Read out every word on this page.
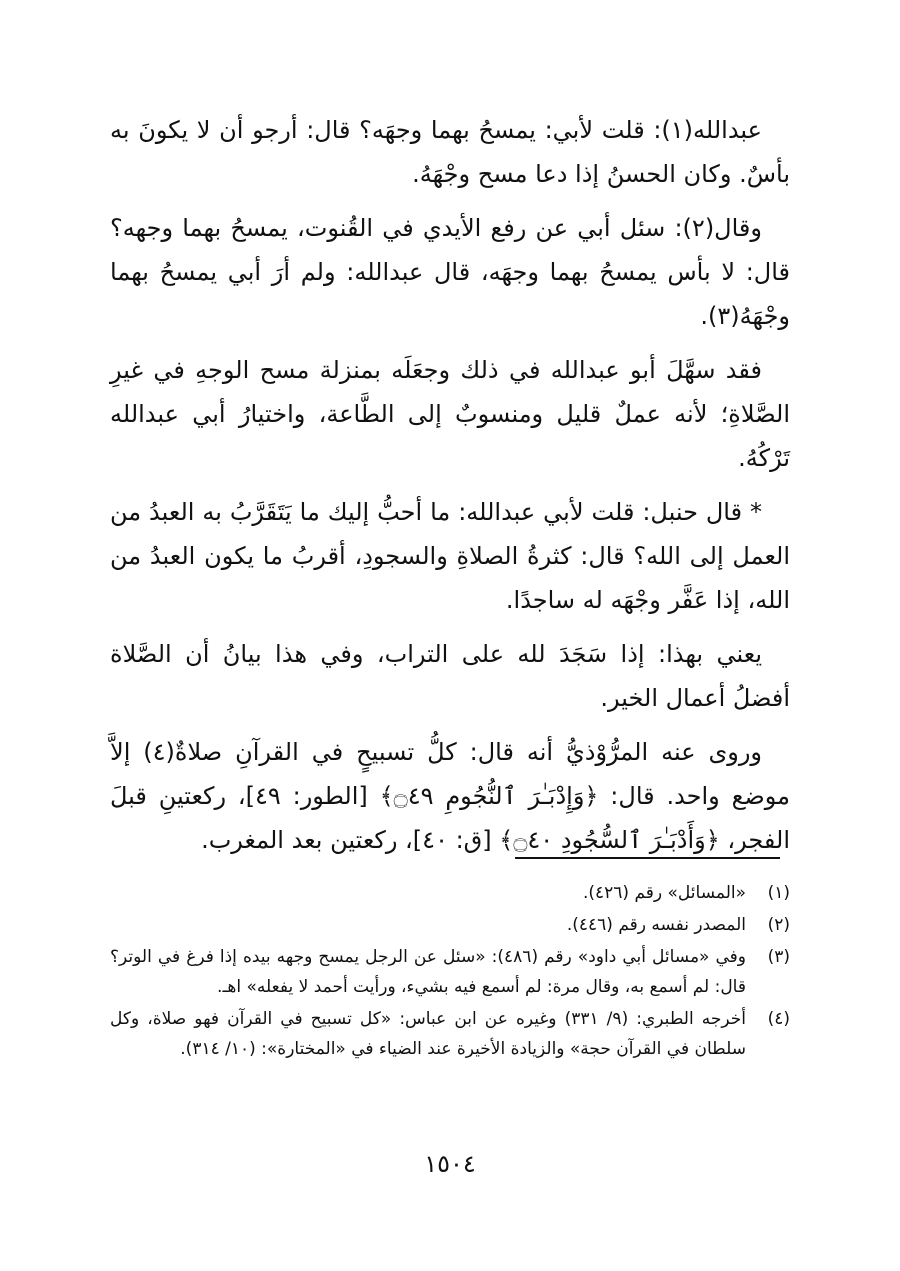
عبدالله(١): قلت لأبي: يمسحُ بهما وجهَه؟ قال: أرجو أن لا يكونَ به بأسٌ. وكان الحسنُ إذا دعا مسح وجْهَهُ.

وقال(٢): سئل أبي عن رفع الأيدي في القُنوت، يمسحُ بهما وجهه؟ قال: لا بأس يمسحُ بهما وجهَه، قال عبدالله: ولم أرَ أبي يمسحُ بهما وجْهَهُ(٣).

فقد سهَّلَ أبو عبدالله في ذلك وجعَلَه بمنزلة مسح الوجهِ في غيرِ الصَّلاةِ؛ لأنه عملٌ قليل ومنسوبٌ إلى الطَّاعة، واختيارُ أبي عبدالله تَرْكُهُ.

* قال حنبل: قلت لأبي عبدالله: ما أحبُّ إليك ما يَتَقَرَّبُ به العبدُ من العمل إلى الله؟ قال: كثرةُ الصلاةِ والسجودِ، أقربُ ما يكون العبدُ من الله، إذا عَفَّر وجْهَه له ساجدًا.

يعني بهذا: إذا سَجَدَ لله على التراب، وفي هذا بيانُ أن الصَّلاة أفضلُ أعمال الخير.

وروى عنه المرُّوْذيُّ أنه قال: كلُّ تسبيحٍ في القرآنِ صلاةٌ(٤) إلاَّ موضع واحد. قال: ﴿وَإِدْبَـٰرَ ٱلنُّجُومِ ۝٤٩﴾ [الطور: ٤٩]، ركعتينِ قبلَ الفجر، ﴿وَأَدْبَـٰرَ ٱلسُّجُودِ ۝٤٠﴾ [ق: ٤٠]، ركعتين بعد المغرب.

(١)
«المسائل» رقم (٤٢٦).
(٢)
المصدر نفسه رقم (٤٤٦).
(٣)
وفي «مسائل أبي داود» رقم (٤٨٦): «سئل عن الرجل يمسح وجهه بيده إذا فرغ في الوتر؟ قال: لم أسمع به، وقال مرة: لم أسمع فيه بشيء، ورأيت أحمد لا يفعله» اهـ.
(٤)
أخرجه الطبري: (٩/ ٣٣١) وغيره عن ابن عباس: «كل تسبيح في القرآن فهو صلاة، وكل سلطان في القرآن حجة» والزيادة الأخيرة عند الضياء في «المختارة»: (١٠/ ٣١٤).
١٥٠٤
